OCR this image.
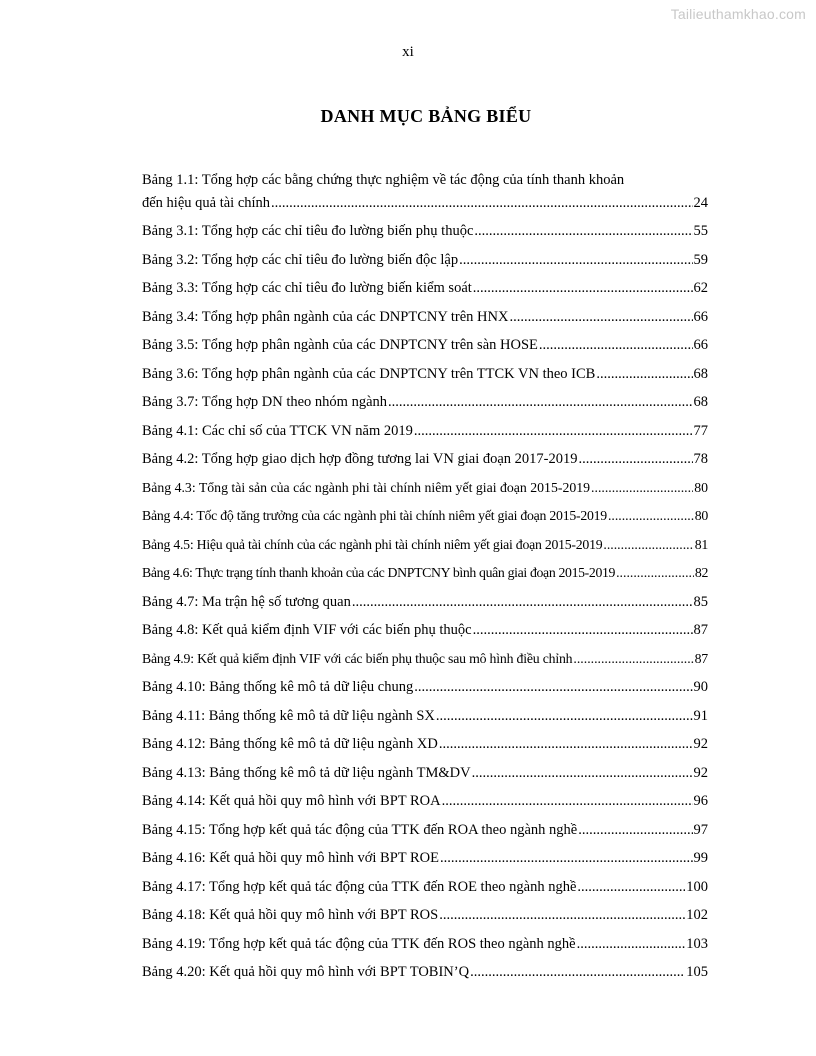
Tailieuthamkhao.com
xi
DANH MỤC BẢNG BIỂU
Bảng 1.1: Tổng hợp các bằng chứng thực nghiệm về tác động của tính thanh khoản
đến hiệu quả tài chính .....	24
Bảng 3.1: Tổng hợp các chỉ tiêu đo lường biến phụ thuộc .....	55
Bảng 3.2: Tổng hợp các chỉ tiêu đo lường biến độc lập .....	59
Bảng 3.3: Tổng hợp các chỉ tiêu đo lường biến kiểm soát .....	62
Bảng 3.4: Tổng hợp phân ngành của các DNPTCNY trên HNX .....	66
Bảng 3.5: Tổng hợp phân ngành của các DNPTCNY trên sàn HOSE .....	66
Bảng 3.6: Tổng hợp phân ngành của các DNPTCNY trên TTCK VN theo ICB .....	68
Bảng 3.7: Tổng hợp DN theo nhóm ngành .....	68
Bảng 4.1: Các chỉ số của TTCK VN năm 2019 .....	77
Bảng 4.2: Tổng hợp giao dịch hợp đồng tương lai VN giai đoạn 2017-2019 .....	78
Bảng 4.3: Tổng tài sản của các ngành phi tài chính niêm yết giai đoạn 2015-2019 .....	80
Bảng 4.4: Tốc độ tăng trưởng của các ngành phi tài chính niêm yết giai đoạn 2015-2019 .....	80
Bảng 4.5: Hiệu quả tài chính của các ngành phi tài chính niêm yết giai đoạn 2015-2019 .....	81
Bảng 4.6: Thực trạng tính thanh khoản của các DNPTCNY bình quân giai đoạn 2015-2019 .....	82
Bảng 4.7: Ma trận hệ số tương quan .....	85
Bảng 4.8: Kết quả kiểm định VIF với các biến phụ thuộc .....	87
Bảng 4.9: Kết quả kiểm định VIF với các biến phụ thuộc sau mô hình điều chỉnh .....	87
Bảng 4.10: Bảng thống kê mô tả dữ liệu chung .....	90
Bảng 4.11: Bảng thống kê mô tả dữ liệu ngành SX .....	91
Bảng 4.12: Bảng thống kê mô tả dữ liệu ngành XD .....	92
Bảng 4.13: Bảng thống kê mô tả dữ liệu ngành TM&DV .....	92
Bảng 4.14: Kết quả hồi quy mô hình với BPT ROA .....	96
Bảng 4.15: Tổng hợp kết quả tác động của TTK đến ROA theo ngành nghề .....	97
Bảng 4.16: Kết quả hồi quy mô hình với BPT ROE .....	99
Bảng 4.17: Tổng hợp kết quả tác động của TTK đến ROE theo ngành nghề .....	100
Bảng 4.18: Kết quả hồi quy mô hình với BPT ROS .....	102
Bảng 4.19: Tổng hợp kết quả tác động của TTK đến ROS theo ngành nghề .....	103
Bảng 4.20: Kết quả hồi quy mô hình với BPT TOBIN’Q .....	105
